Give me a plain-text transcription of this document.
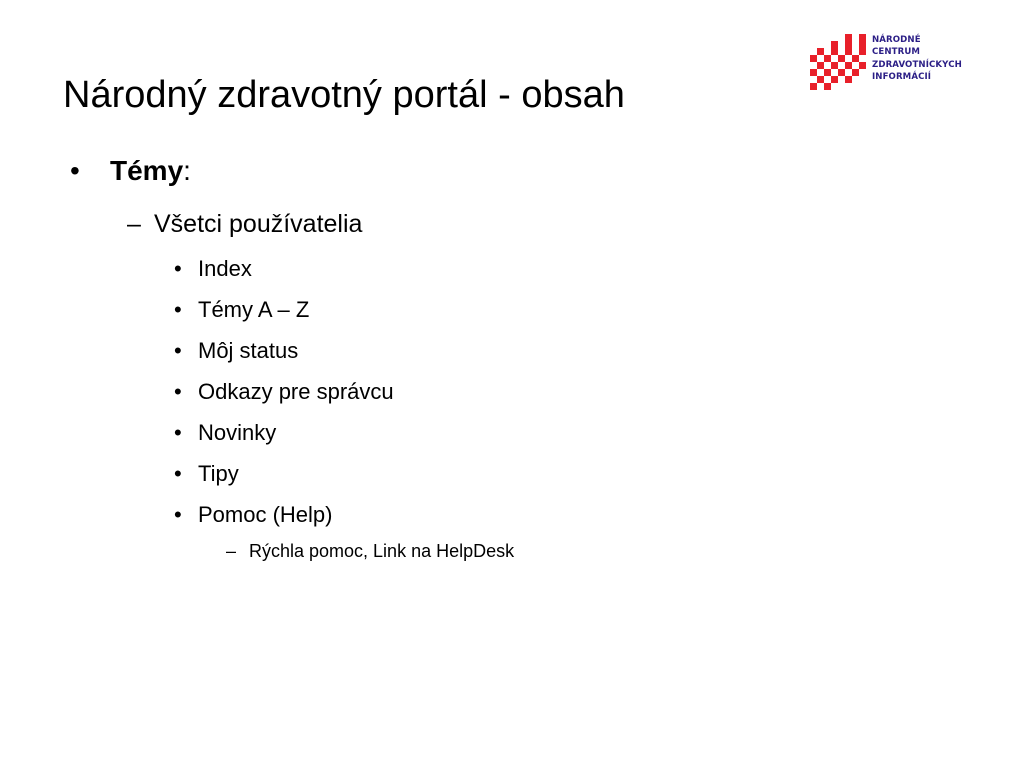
Národný zdravotný portál - obsah
NÁRODNÉ
CENTRUM
ZDRAVOTNÍCKYCH
INFORMÁCIÍ
• Témy:
– Všetci používatelia
• Index
• Témy A – Z
• Môj status
• Odkazy pre správcu
• Novinky
• Tipy
• Pomoc (Help)
– Rýchla pomoc, Link na HelpDesk
